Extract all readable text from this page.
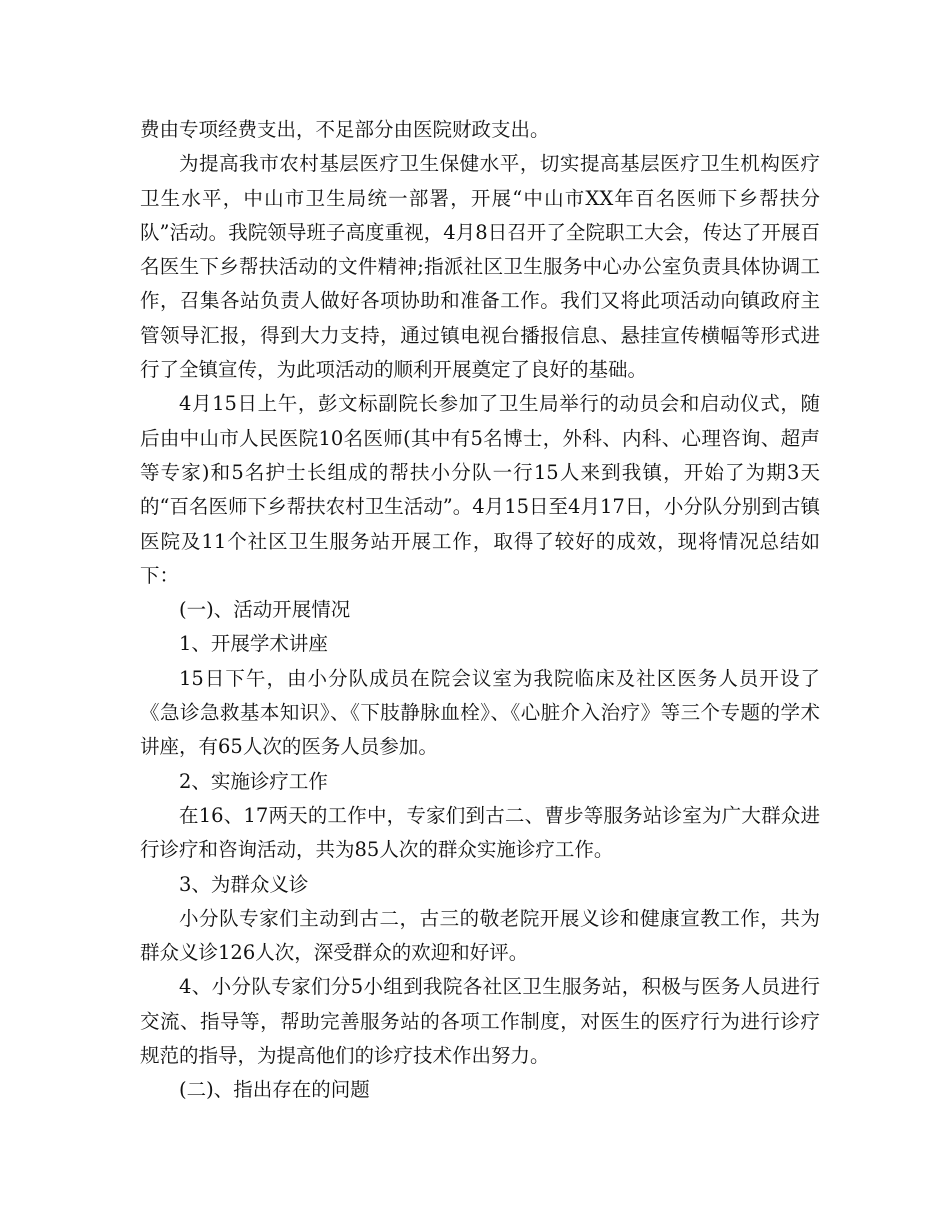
费由专项经费支出，不足部分由医院财政支出。

为提高我市农村基层医疗卫生保健水平，切实提高基层医疗卫生机构医疗卫生水平，中山市卫生局统一部署，开展“中山市XX年百名医师下乡帮扶分队”活动。我院领导班子高度重视，4月8日召开了全院职工大会，传达了开展百名医生下乡帮扶活动的文件精神;指派社区卫生服务中心办公室负责具体协调工作，召集各站负责人做好各项协助和准备工作。我们又将此项活动向镇政府主管领导汇报，得到大力支持，通过镇电视台播报信息、悬挂宣传横幅等形式进行了全镇宣传，为此项活动的顺利开展奠定了良好的基础。

4月15日上午，彭文标副院长参加了卫生局举行的动员会和启动仪式，随后由中山市人民医院10名医师(其中有5名博士，外科、内科、心理咨询、超声等专家)和5名护士长组成的帮扶小分队一行15人来到我镇，开始了为期3天的“百名医师下乡帮扶农村卫生活动”。4月15日至4月17日，小分队分别到古镇医院及11个社区卫生服务站开展工作，取得了较好的成效，现将情况总结如下：

(一)、活动开展情况

1、开展学术讲座

15日下午，由小分队成员在院会议室为我院临床及社区医务人员开设了《急诊急救基本知识》、《下肢静脉血栓》、《心脏介入治疗》等三个专题的学术讲座，有65人次的医务人员参加。

2、实施诊疗工作

在16、17两天的工作中，专家们到古二、曹步等服务站诊室为广大群众进行诊疗和咨询活动，共为85人次的群众实施诊疗工作。

3、为群众义诊

小分队专家们主动到古二，古三的敬老院开展义诊和健康宣教工作，共为群众义诊126人次，深受群众的欢迎和好评。

4、小分队专家们分5小组到我院各社区卫生服务站，积极与医务人员进行交流、指导等，帮助完善服务站的各项工作制度，对医生的医疗行为进行诊疗规范的指导，为提高他们的诊疗技术作出努力。

(二)、指出存在的问题
